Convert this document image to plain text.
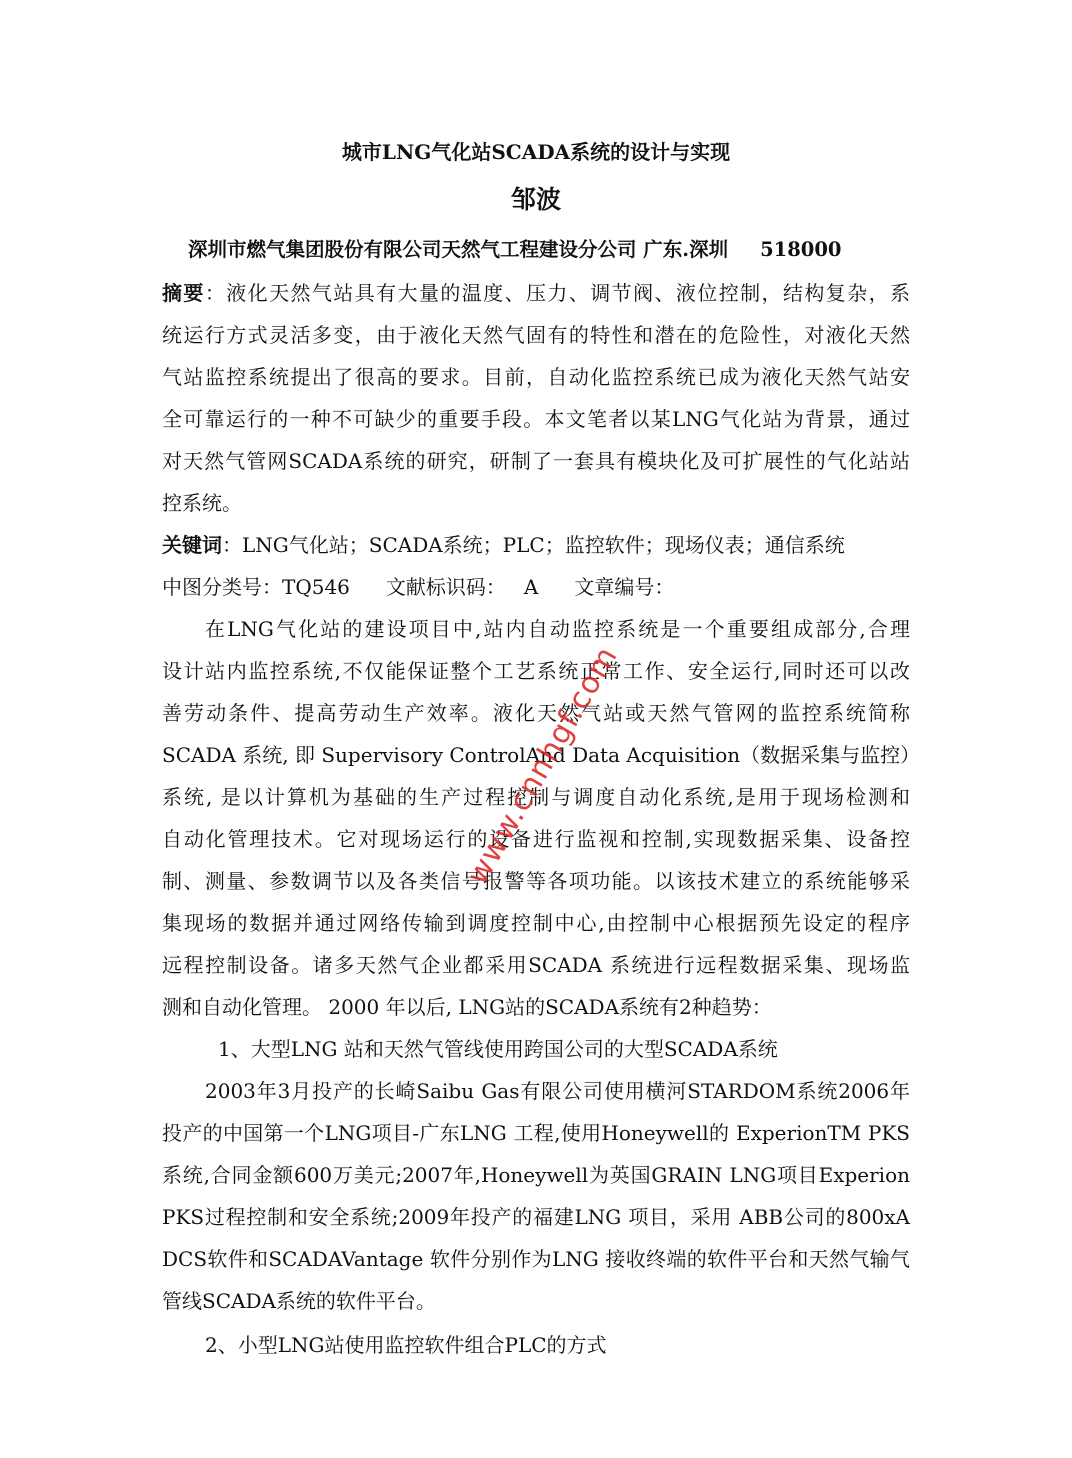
城市LNG气化站SCADA系统的设计与实现
邹波
深圳市燃气集团股份有限公司天然气工程建设分公司 广东.深圳 518000
摘要：液化天然气站具有大量的温度、压力、调节阀、液位控制，结构复杂，系
统运行方式灵活多变，由于液化天然气固有的特性和潜在的危险性，对液化天然
气站监控系统提出了很高的要求。目前，自动化监控系统已成为液化天然气站安
全可靠运行的一种不可缺少的重要手段。本文笔者以某LNG气化站为背景，通过
对天然气管网SCADA系统的研究，研制了一套具有模块化及可扩展性的气化站站
控系统。
关键词：LNG气化站；SCADA系统；PLC；监控软件；现场仪表；通信系统
中图分类号：TQ546 文献标识码： A 文章编号：
在LNG气化站的建设项目中,站内自动监控系统是一个重要组成部分,合理
设计站内监控系统,不仅能保证整个工艺系统正常工作、安全运行,同时还可以改
善劳动条件、提高劳动生产效率。液化天然气站或天然气管网的监控系统简称
SCADA 系统, 即 Supervisory ControlAnd Data Acquisition（数据采集与监控）
系统, 是以计算机为基础的生产过程控制与调度自动化系统,是用于现场检测和
自动化管理技术。它对现场运行的设备进行监视和控制,实现数据采集、设备控
制、测量、参数调节以及各类信号报警等各项功能。以该技术建立的系统能够采
集现场的数据并通过网络传输到调度控制中心,由控制中心根据预先设定的程序
远程控制设备。诸多天然气企业都采用SCADA 系统进行远程数据采集、现场监
测和自动化管理。 2000 年以后, LNG站的SCADA系统有2种趋势：
1、大型LNG 站和天然气管线使用跨国公司的大型SCADA系统
2003年3月投产的长崎Saibu Gas有限公司使用横河STARDOM系统2006年
投产的中国第一个LNG项目-广东LNG 工程,使用Honeywell的 ExperionTM PKS
系统,合同金额600万美元;2007年,Honeywell为英国GRAIN LNG项目Experion
PKS过程控制和安全系统;2009年投产的福建LNG 项目，采用 ABB公司的800xA
DCS软件和SCADAVantage 软件分别作为LNG 接收终端的软件平台和天然气输气
管线SCADA系统的软件平台。
2、小型LNG站使用监控软件组合PLC的方式
www.cnnhgf.com
